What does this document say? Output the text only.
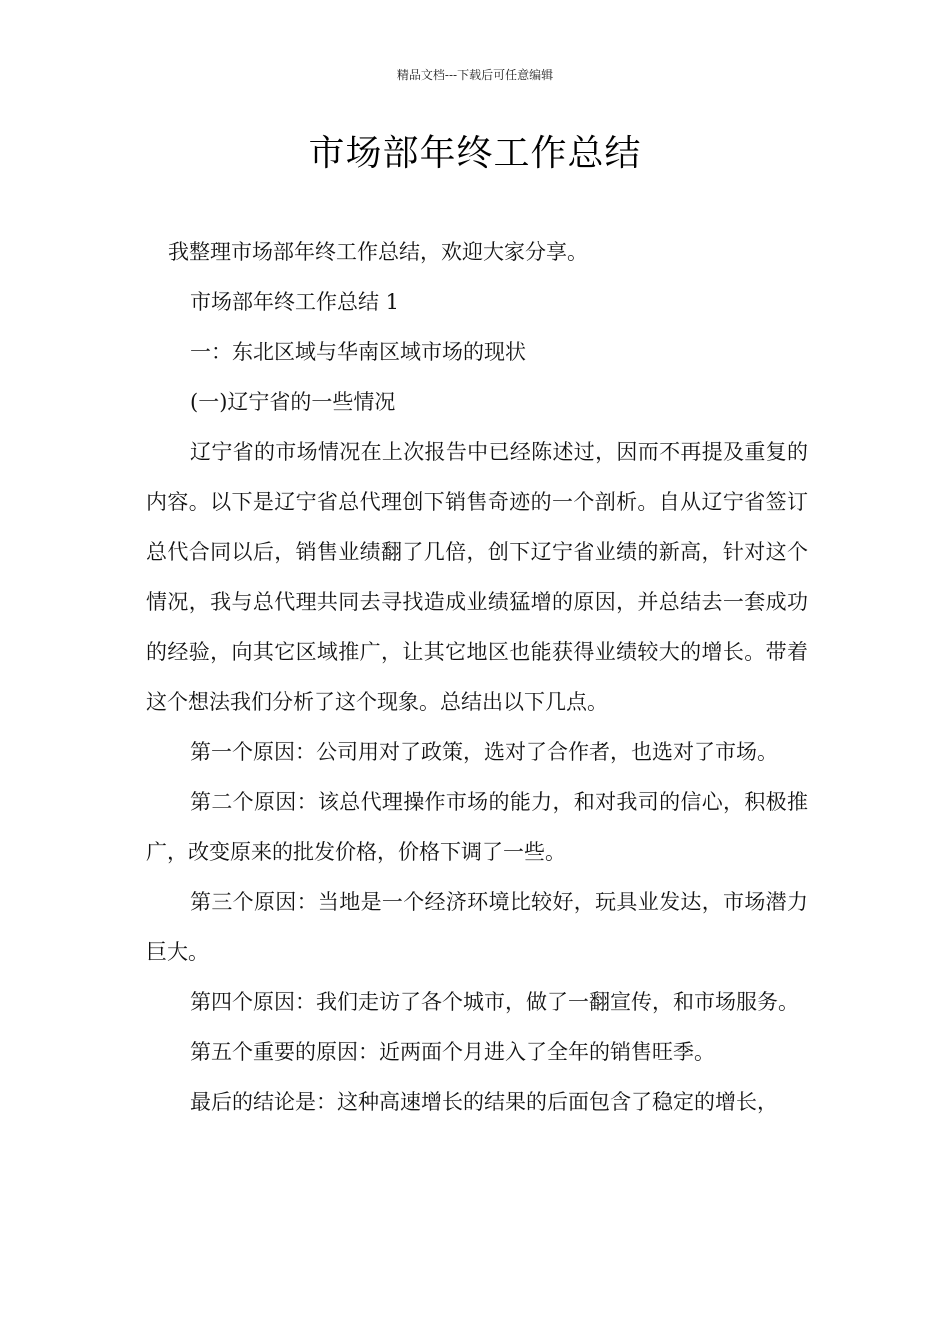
精品文档---下载后可任意编辑
市场部年终工作总结

我整理市场部年终工作总结，欢迎大家分享。

市场部年终工作总结 1

一：东北区域与华南区域市场的现状

(一)辽宁省的一些情况

辽宁省的市场情况在上次报告中已经陈述过，因而不再提及重复的内容。以下是辽宁省总代理创下销售奇迹的一个剖析。自从辽宁省签订总代合同以后，销售业绩翻了几倍，创下辽宁省业绩的新高，针对这个情况，我与总代理共同去寻找造成业绩猛增的原因，并总结去一套成功的经验，向其它区域推广，让其它地区也能获得业绩较大的增长。带着这个想法我们分析了这个现象。总结出以下几点。

第一个原因：公司用对了政策，选对了合作者，也选对了市场。

第二个原因：该总代理操作市场的能力，和对我司的信心，积极推广，改变原来的批发价格，价格下调了一些。

第三个原因：当地是一个经济环境比较好，玩具业发达，市场潜力巨大。

第四个原因：我们走访了各个城市，做了一翻宣传，和市场服务。

第五个重要的原因：近两面个月进入了全年的销售旺季。

最后的结论是：这种高速增长的结果的后面包含了稳定的增长，
